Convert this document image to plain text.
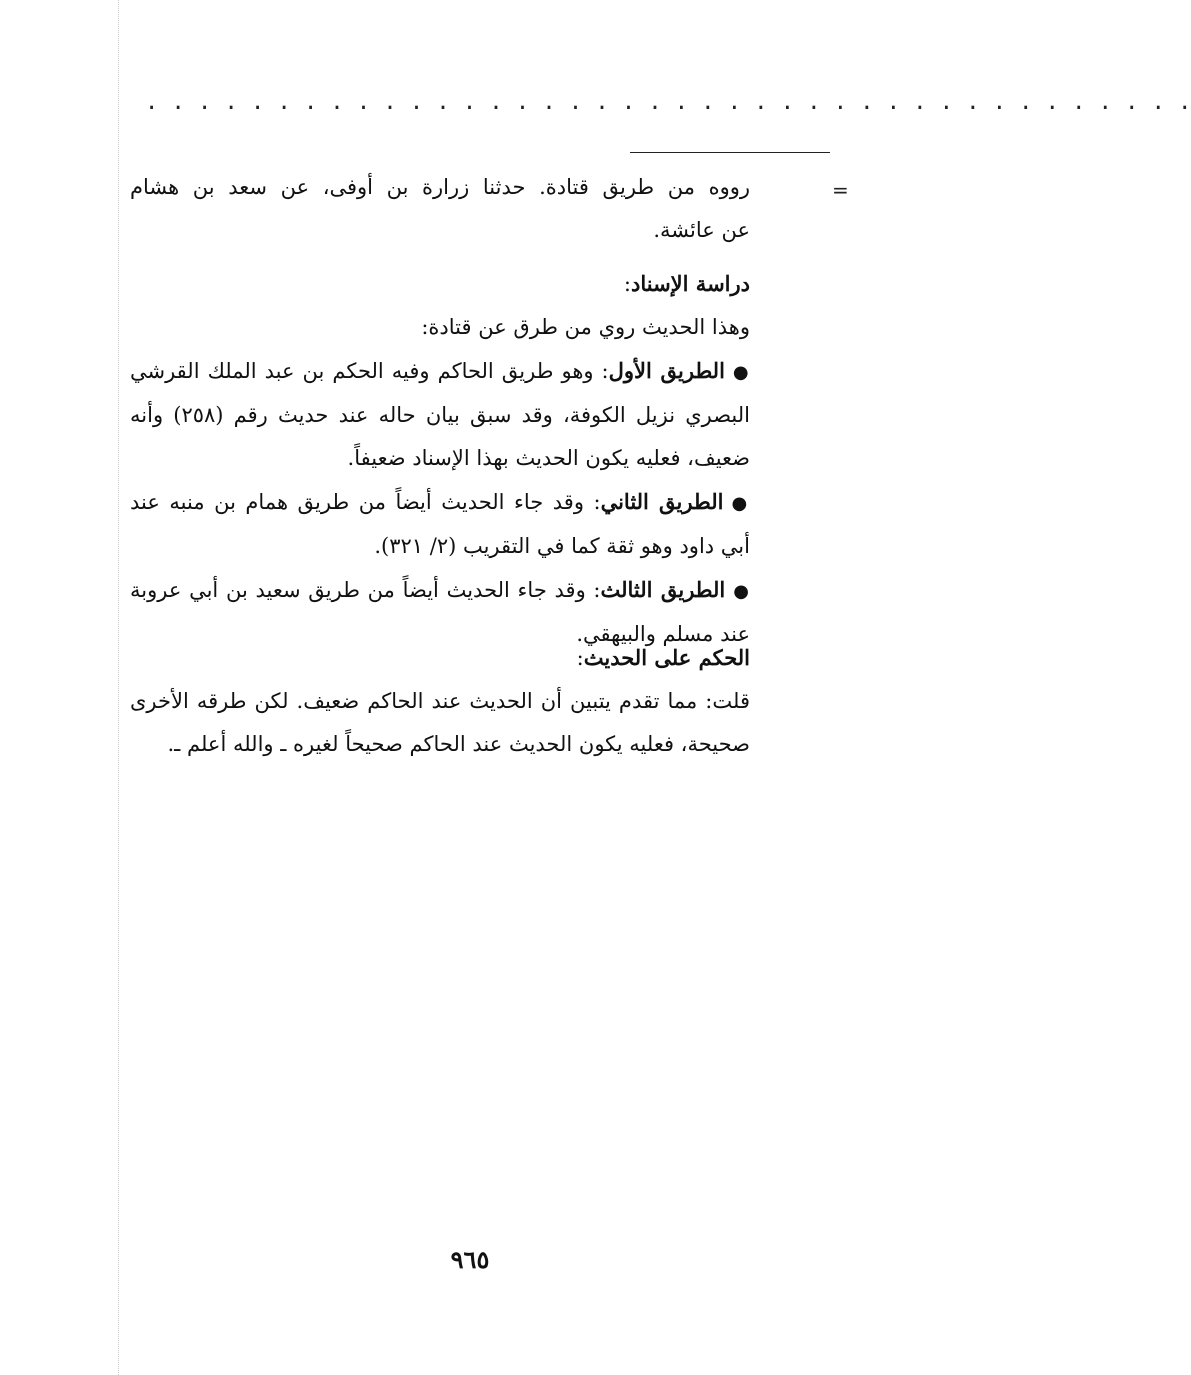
· · · · · · · · · · · · · · · · · · · · · · · · · · · · · · · · · · · · · · · ·
=
رووه من طريق قتادة. حدثنا زرارة بن أوفى، عن سعد بن هشام
عن عائشة.
دراسة الإسناد:
وهذا الحديث روي من طرق عن قتادة:
●الطريق الأول: وهو طريق الحاكم وفيه الحكم بن عبد الملك القرشي
البصري نزيل الكوفة، وقد سبق بيان حاله عند حديث رقم (٢٥٨) وأنه
ضعيف، فعليه يكون الحديث بهذا الإسناد ضعيفاً.
●الطريق الثاني: وقد جاء الحديث أيضاً من طريق همام بن منبه عند
أبي داود وهو ثقة كما في التقريب (٢/ ٣٢١).
●الطريق الثالث: وقد جاء الحديث أيضاً من طريق سعيد بن أبي عروبة
عند مسلم والبيهقي.
الحكم على الحديث:
قلت: مما تقدم يتبين أن الحديث عند الحاكم ضعيف. لكن طرقه الأخرى
صحيحة، فعليه يكون الحديث عند الحاكم صحيحاً لغيره ـ والله أعلم ـ.
٩٦٥
